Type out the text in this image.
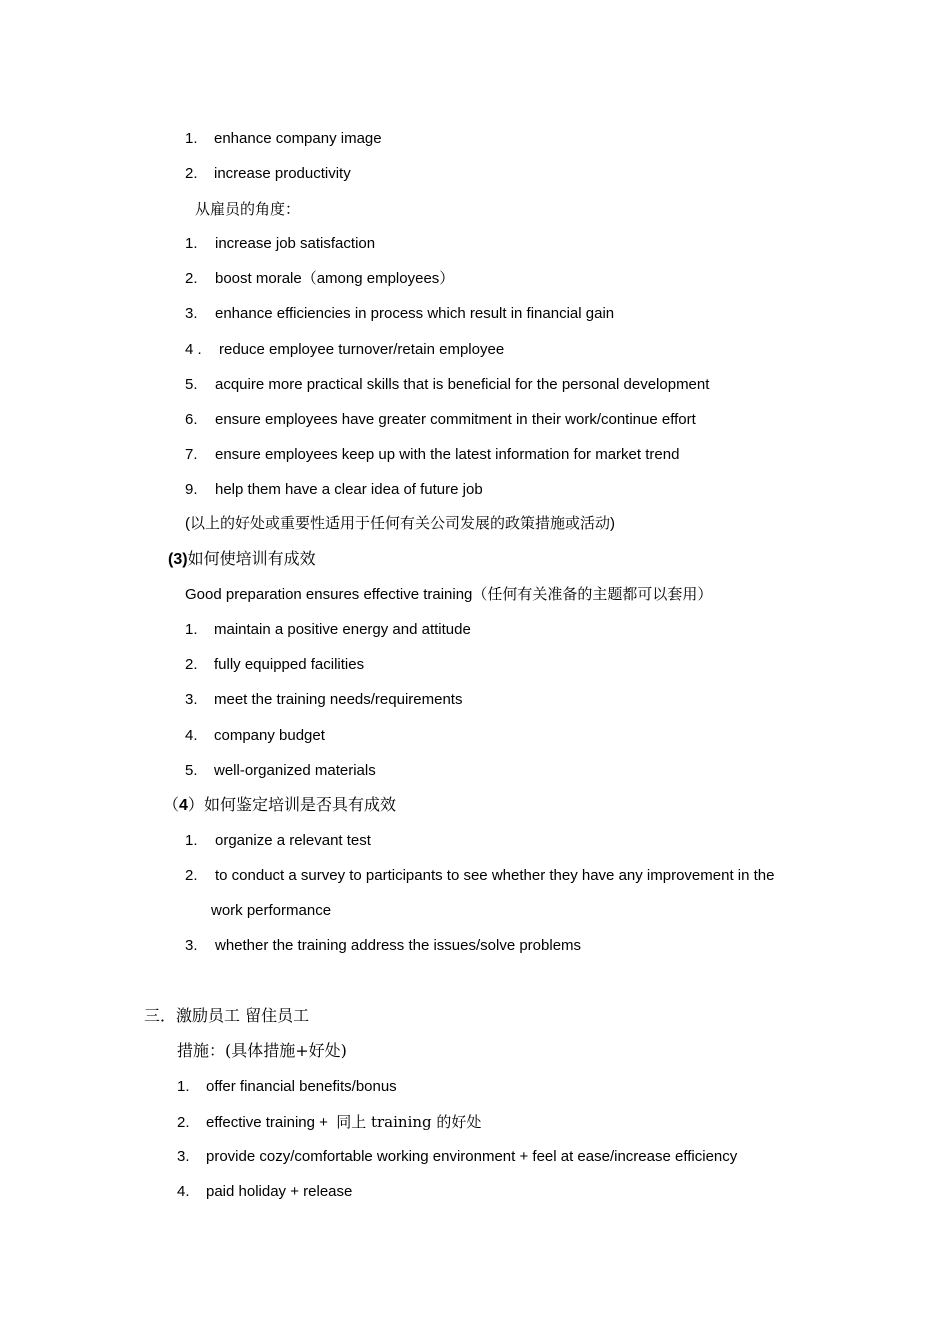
1. enhance company image
2. increase productivity
从雇员的角度：
1. increase job satisfaction
2. boost morale（among employees）
3. enhance efficiencies in process which result in financial gain
4 . reduce employee turnover/retain employee
5. acquire more practical skills that is beneficial for the personal development
6. ensure employees have greater commitment in their work/continue effort
7. ensure employees keep up with the latest information for market trend
9. help them have a clear idea of future job
(以上的好处或重要性适用于任何有关公司发展的政策措施或活动)
(3)如何使培训有成效
Good preparation ensures effective training（任何有关准备的主题都可以套用）
1. maintain a positive energy and attitude
2. fully equipped facilities
3. meet the training needs/requirements
4. company budget
5. well-organized materials
（4）如何鉴定培训是否具有成效
1. organize a relevant test
2. to conduct a survey to participants to see whether they have any improvement in the
work performance
3. whether the training address the issues/solve problems
三．激励员工 留住员工
措施：(具体措施+好处)
1. offer financial benefits/bonus
2. effective training +  同上 training 的好处
3. provide cozy/comfortable working environment + feel at ease/increase efficiency
4. paid holiday + release
